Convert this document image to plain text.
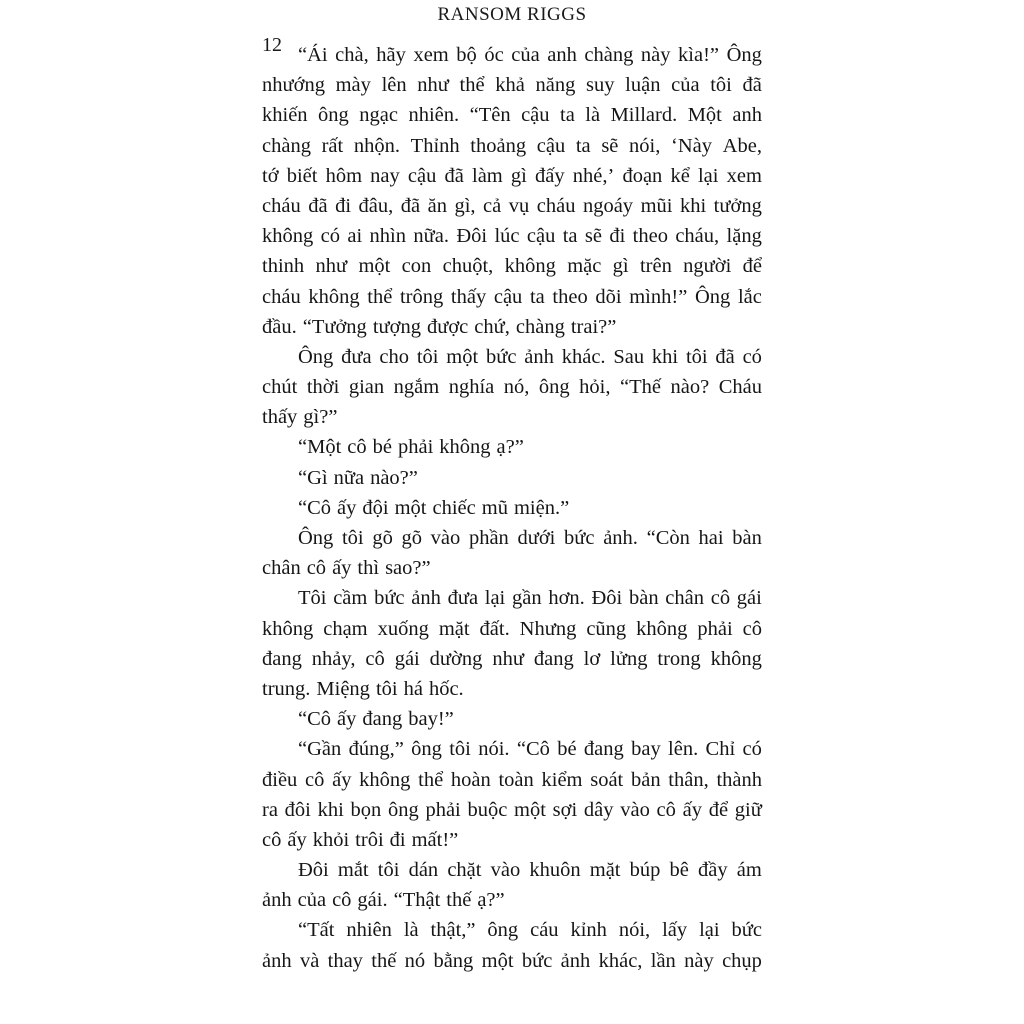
RANSOM RIGGS
12 “Ái chà, hãy xem bộ óc của anh chàng này kìa!” Ông
nhướng mày lên như thể khả năng suy luận của tôi đã
khiến ông ngạc nhiên. “Tên cậu ta là Millard. Một anh
chàng rất nhộn. Thỉnh thoảng cậu ta sẽ nói, ‘Này Abe,
tớ biết hôm nay cậu đã làm gì đấy nhé,’ đoạn kể lại xem
cháu đã đi đâu, đã ăn gì, cả vụ cháu ngoáy mũi khi tưởng
không có ai nhìn nữa. Đôi lúc cậu ta sẽ đi theo cháu, lặng
thinh như một con chuột, không mặc gì trên người để
cháu không thể trông thấy cậu ta theo dõi mình!” Ông lắc
đầu. “Tưởng tượng được chứ, chàng trai?”
Ông đưa cho tôi một bức ảnh khác. Sau khi tôi đã có
chút thời gian ngắm nghía nó, ông hỏi, “Thế nào? Cháu
thấy gì?”
“Một cô bé phải không ạ?”
“Gì nữa nào?”
“Cô ấy đội một chiếc mũ miện.”
Ông tôi gõ gõ vào phần dưới bức ảnh. “Còn hai bàn
chân cô ấy thì sao?”
Tôi cầm bức ảnh đưa lại gần hơn. Đôi bàn chân cô gái
không chạm xuống mặt đất. Nhưng cũng không phải cô
đang nhảy, cô gái dường như đang lơ lửng trong không
trung. Miệng tôi há hốc.
“Cô ấy đang bay!”
“Gần đúng,” ông tôi nói. “Cô bé đang bay lên. Chỉ có
điều cô ấy không thể hoàn toàn kiểm soát bản thân, thành
ra đôi khi bọn ông phải buộc một sợi dây vào cô ấy để giữ
cô ấy khỏi trôi đi mất!”
Đôi mắt tôi dán chặt vào khuôn mặt búp bê đầy ám
ảnh của cô gái. “Thật thế ạ?”
“Tất nhiên là thật,” ông cáu kỉnh nói, lấy lại bức
ảnh và thay thế nó bằng một bức ảnh khác, lần này chụp
